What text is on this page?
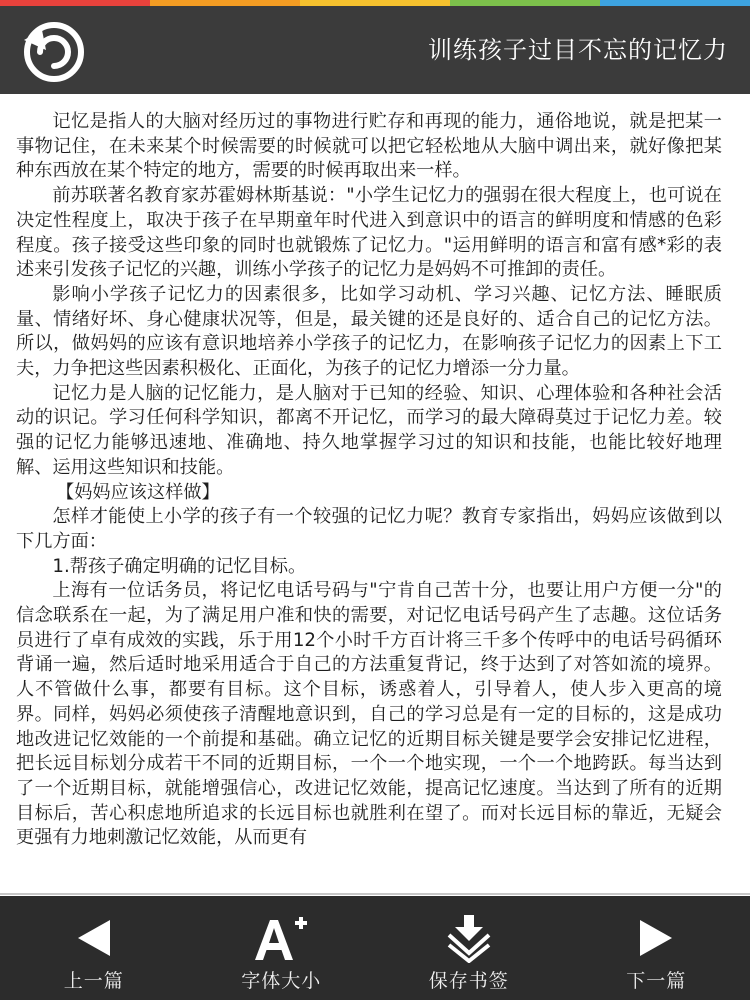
训练孩子过目不忘的记忆力

记忆是指人的大脑对经历过的事物进行贮存和再现的能力，通俗地说，就是把某一事物记住，在未来某个时候需要的时候就可以把它轻松地从大脑中调出来，就好像把某种东西放在某个特定的地方，需要的时候再取出来一样。

前苏联著名教育家苏霍姆林斯基说："小学生记忆力的强弱在很大程度上，也可说在决定性程度上，取决于孩子在早期童年时代进入到意识中的语言的鲜明度和情感的色彩程度。孩子接受这些印象的同时也就锻炼了记忆力。"运用鲜明的语言和富有感*彩的表述来引发孩子记忆的兴趣，训练小学孩子的记忆力是妈妈不可推卸的责任。

影响小学孩子记忆力的因素很多，比如学习动机、学习兴趣、记忆方法、睡眠质量、情绪好坏、身心健康状况等，但是，最关键的还是良好的、适合自己的记忆方法。所以，做妈妈的应该有意识地培养小学孩子的记忆力，在影响孩子记忆力的因素上下工夫，力争把这些因素积极化、正面化，为孩子的记忆力增添一分力量。

记忆力是人脑的记忆能力，是人脑对于已知的经验、知识、心理体验和各种社会活动的识记。学习任何科学知识，都离不开记忆，而学习的最大障碍莫过于记忆力差。较强的记忆力能够迅速地、准确地、持久地掌握学习过的知识和技能，也能比较好地理解、运用这些知识和技能。

【妈妈应该这样做】

怎样才能使上小学的孩子有一个较强的记忆力呢？教育专家指出，妈妈应该做到以下几方面：

1.帮孩子确定明确的记忆目标。

上海有一位话务员，将记忆电话号码与"宁肯自己苦十分，也要让用户方便一分"的信念联系在一起，为了满足用户准和快的需要，对记忆电话号码产生了志趣。这位话务员进行了卓有成效的实践，乐于用12个小时千方百计将三千多个传呼中的电话号码循环背诵一遍，然后适时地采用适合于自己的方法重复背记，终于达到了对答如流的境界。人不管做什么事，都要有目标。这个目标，诱惑着人，引导着人，使人步入更高的境界。同样，妈妈必须使孩子清醒地意识到，自己的学习总是有一定的目标的，这是成功地改进记忆效能的一个前提和基础。确立记忆的近期目标关键是要学会安排记忆进程，把长远目标划分成若干不同的近期目标，一个一个地实现，一个一个地跨跃。每当达到了一个近期目标，就能增强信心，改进记忆效能，提高记忆速度。当达到了所有的近期目标后，苦心积虑地所追求的长远目标也就胜利在望了。而对长远目标的靠近，无疑会更强有力地刺激记忆效能，从而更有

上一篇	字体大小	保存书签	下一篇
